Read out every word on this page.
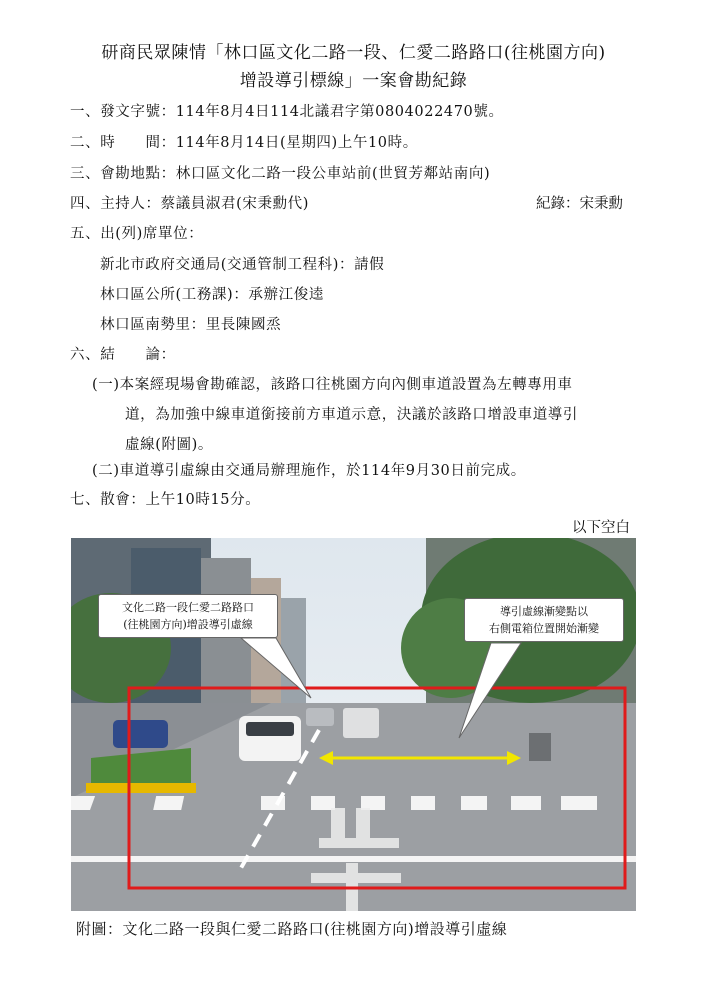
研商民眾陳情「林口區文化二路一段、仁愛二路路口(往桃園方向)
增設導引標線」一案會勘紀錄
一、發文字號：114年8月4日114北議君字第0804022470號。
二、時　　間：114年8月14日(星期四)上午10時。
三、會勘地點：林口區文化二路一段公車站前(世貿芳鄰站南向)
四、主持人：蔡議員淑君(宋秉勳代)	紀錄：宋秉勳
五、出(列)席單位：
新北市政府交通局(交通管制工程科)：請假
林口區公所(工務課)：承辦江俊逵
林口區南勢里：里長陳國烝
六、結　　論：
(一)本案經現場會勘確認，該路口往桃園方向內側車道設置為左轉專用車
道，為加強中線車道銜接前方車道示意，決議於該路口增設車道導引
虛線(附圖)。
(二)車道導引虛線由交通局辦理施作，於114年9月30日前完成。
七、散會：上午10時15分。
以下空白
文化二路一段仁愛二路路口
(往桃園方向)增設導引虛線
導引虛線漸變點以
右側電箱位置開始漸變
附圖：文化二路一段與仁愛二路路口(往桃園方向)增設導引虛線
